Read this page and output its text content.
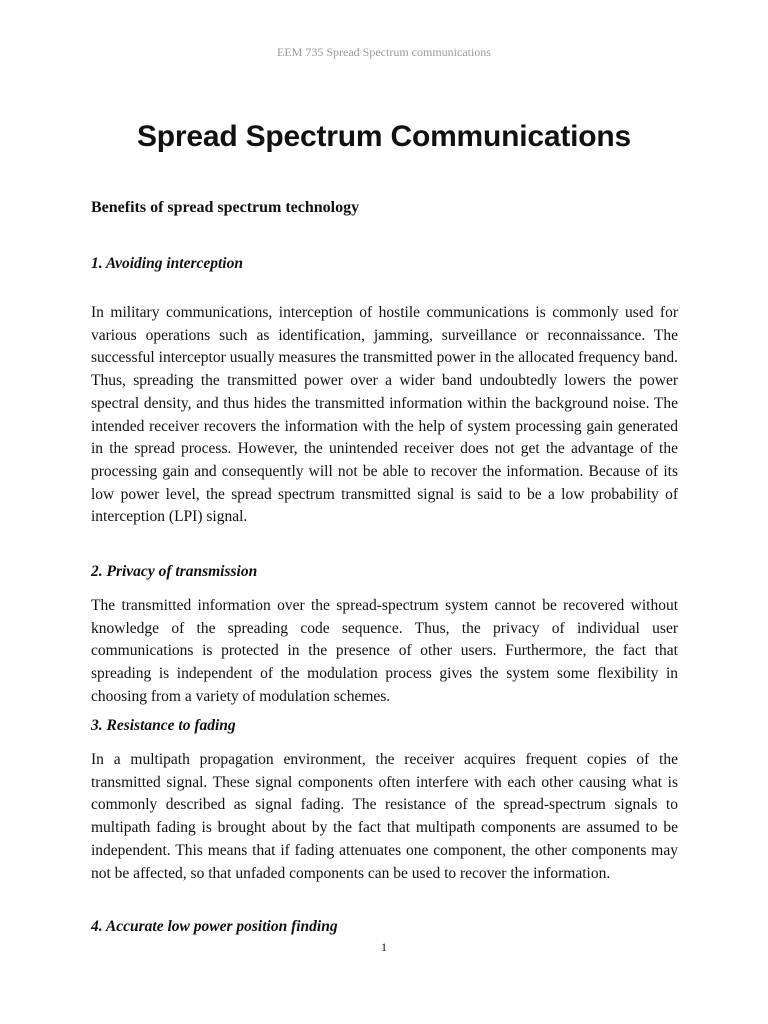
EEM 735 Spread Spectrum communications
Spread Spectrum Communications
Benefits of spread spectrum technology
1. Avoiding interception

In military communications, interception of hostile communications is commonly used for various operations such as identification, jamming, surveillance or reconnaissance. The successful interceptor usually measures the transmitted power in the allocated frequency band. Thus, spreading the transmitted power over a wider band undoubtedly lowers the power spectral density, and thus hides the transmitted information within the background noise. The intended receiver recovers the information with the help of system processing gain generated in the spread process. However, the unintended receiver does not get the advantage of the processing gain and consequently will not be able to recover the information. Because of its low power level, the spread spectrum transmitted signal is said to be a low probability of interception (LPI) signal.

2. Privacy of transmission

The transmitted information over the spread-spectrum system cannot be recovered without knowledge of the spreading code sequence. Thus, the privacy of individual user communications is protected in the presence of other users. Furthermore, the fact that spreading is independent of the modulation process gives the system some flexibility in choosing from a variety of modulation schemes.

3. Resistance to fading

In a multipath propagation environment, the receiver acquires frequent copies of the transmitted signal. These signal components often interfere with each other causing what is commonly described as signal fading. The resistance of the spread-spectrum signals to multipath fading is brought about by the fact that multipath components are assumed to be independent. This means that if fading attenuates one component, the other components may not be affected, so that unfaded components can be used to recover the information.

4. Accurate low power position finding
1
